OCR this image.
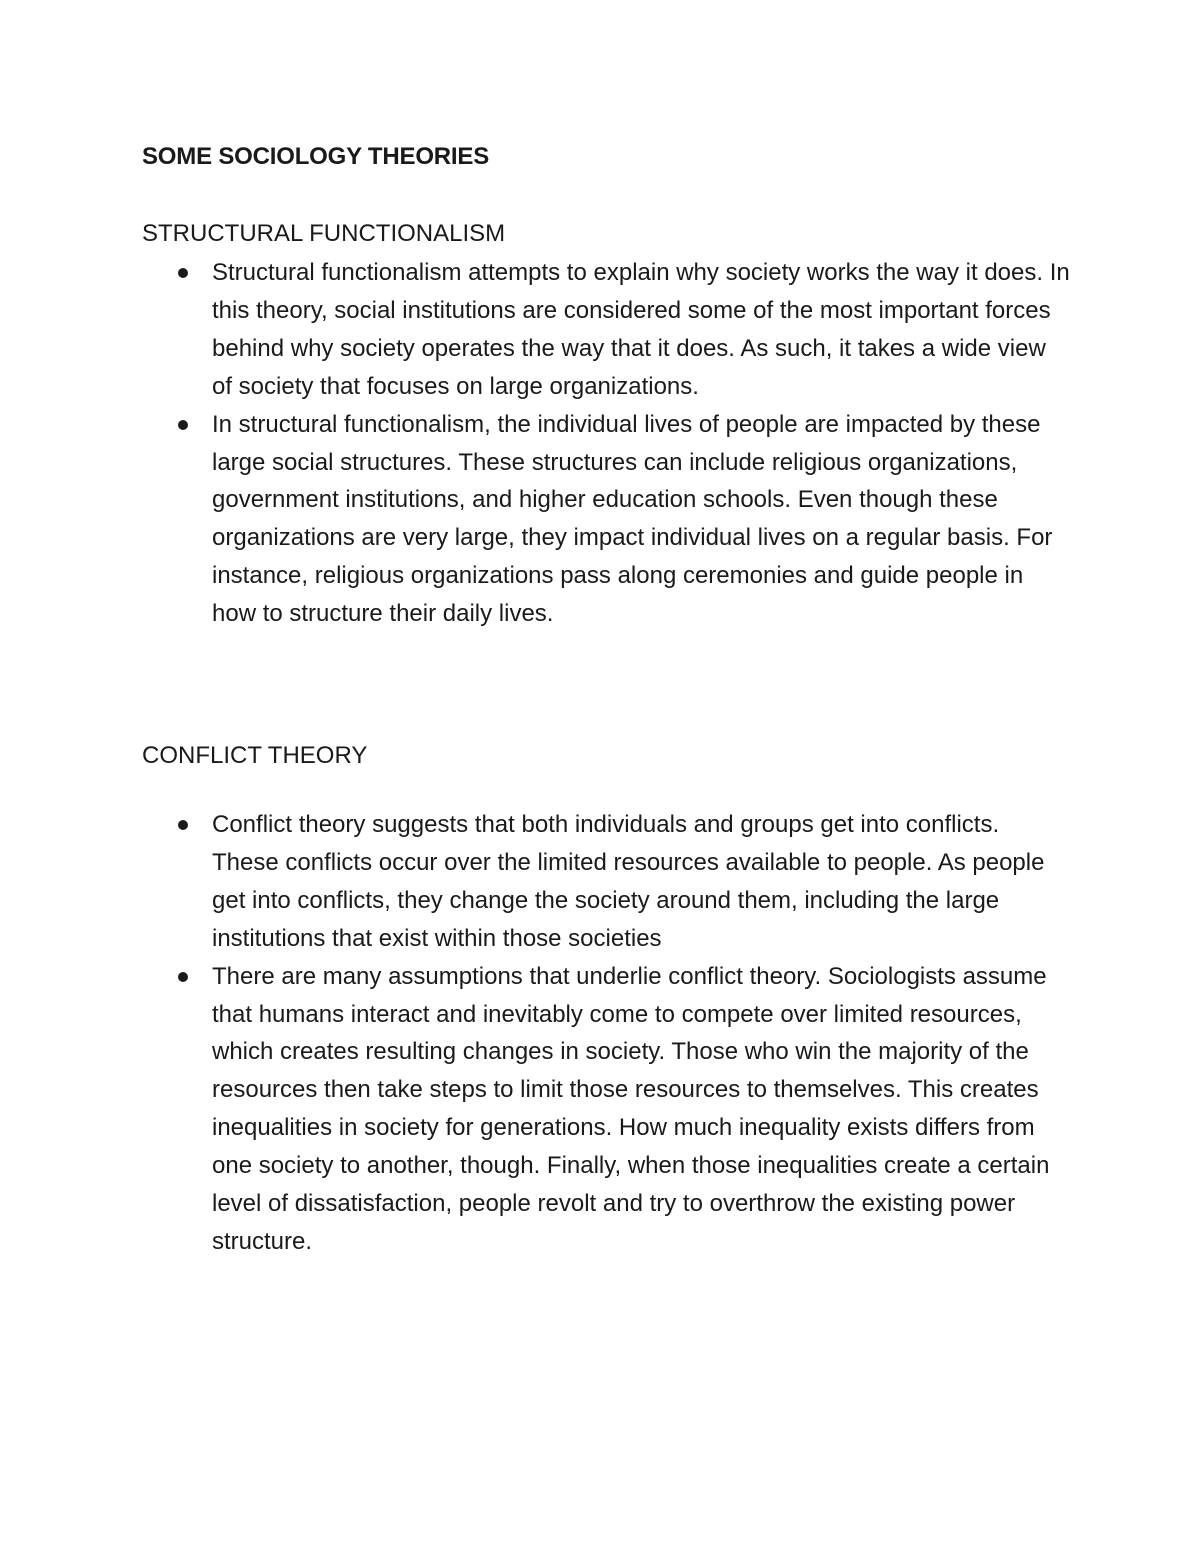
SOME SOCIOLOGY THEORIES
STRUCTURAL FUNCTIONALISM
Structural functionalism attempts to explain why society works the way it does. In this theory, social institutions are considered some of the most important forces behind why society operates the way that it does. As such, it takes a wide view of society that focuses on large organizations.
In structural functionalism, the individual lives of people are impacted by these large social structures. These structures can include religious organizations, government institutions, and higher education schools. Even though these organizations are very large, they impact individual lives on a regular basis. For instance, religious organizations pass along ceremonies and guide people in how to structure their daily lives.
CONFLICT THEORY
Conflict theory suggests that both individuals and groups get into conflicts. These conflicts occur over the limited resources available to people. As people get into conflicts, they change the society around them, including the large institutions that exist within those societies
There are many assumptions that underlie conflict theory. Sociologists assume that humans interact and inevitably come to compete over limited resources, which creates resulting changes in society. Those who win the majority of the resources then take steps to limit those resources to themselves. This creates inequalities in society for generations. How much inequality exists differs from one society to another, though. Finally, when those inequalities create a certain level of dissatisfaction, people revolt and try to overthrow the existing power structure.
